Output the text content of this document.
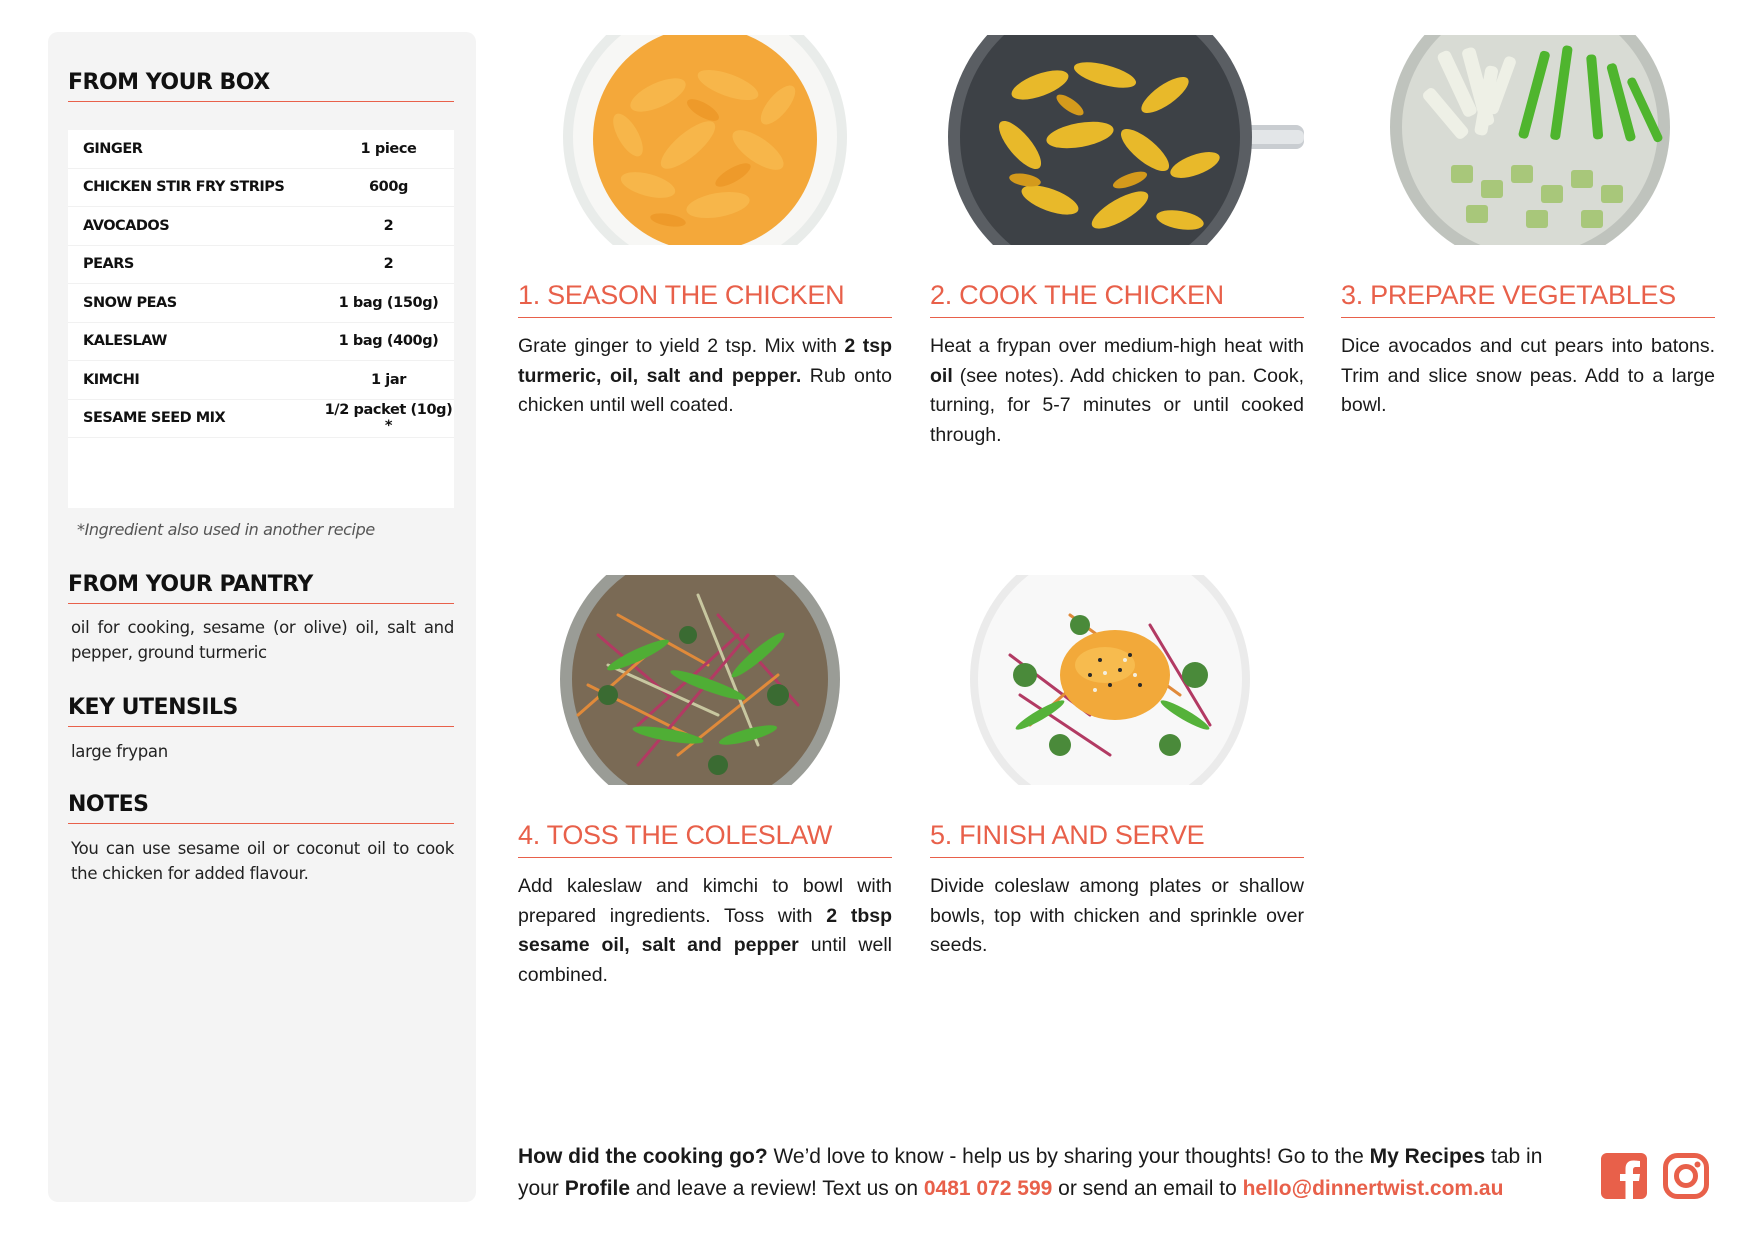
FROM YOUR BOX
GINGER	1 piece
CHICKEN STIR FRY STRIPS	600g
AVOCADOS	2
PEARS	2
SNOW PEAS	1 bag (150g)
KALESLAW	1 bag (400g)
KIMCHI	1 jar
SESAME SEED MIX	1/2 packet (10g) *
*Ingredient also used in another recipe
FROM YOUR PANTRY
oil for cooking, sesame (or olive) oil, salt and pepper, ground turmeric
KEY UTENSILS
large frypan
NOTES
You can use sesame oil or coconut oil to cook the chicken for added flavour.
1. SEASON THE CHICKEN
Grate ginger to yield 2 tsp. Mix with 2 tsp turmeric, oil, salt and pepper. Rub onto chicken until well coated.
2. COOK THE CHICKEN
Heat a frypan over medium-high heat with oil (see notes). Add chicken to pan. Cook, turning, for 5-7 minutes or until cooked through.
3. PREPARE VEGETABLES
Dice avocados and cut pears into batons. Trim and slice snow peas. Add to a large bowl.
4. TOSS THE COLESLAW
Add kaleslaw and kimchi to bowl with prepared ingredients. Toss with 2 tbsp sesame oil, salt and pepper until well combined.
5. FINISH AND SERVE
Divide coleslaw among plates or shallow bowls, top with chicken and sprinkle over seeds.
How did the cooking go? We’d love to know - help us by sharing your thoughts! Go to the My Recipes tab in your Profile and leave a review! Text us on 0481 072 599 or send an email to hello@dinnertwist.com.au
